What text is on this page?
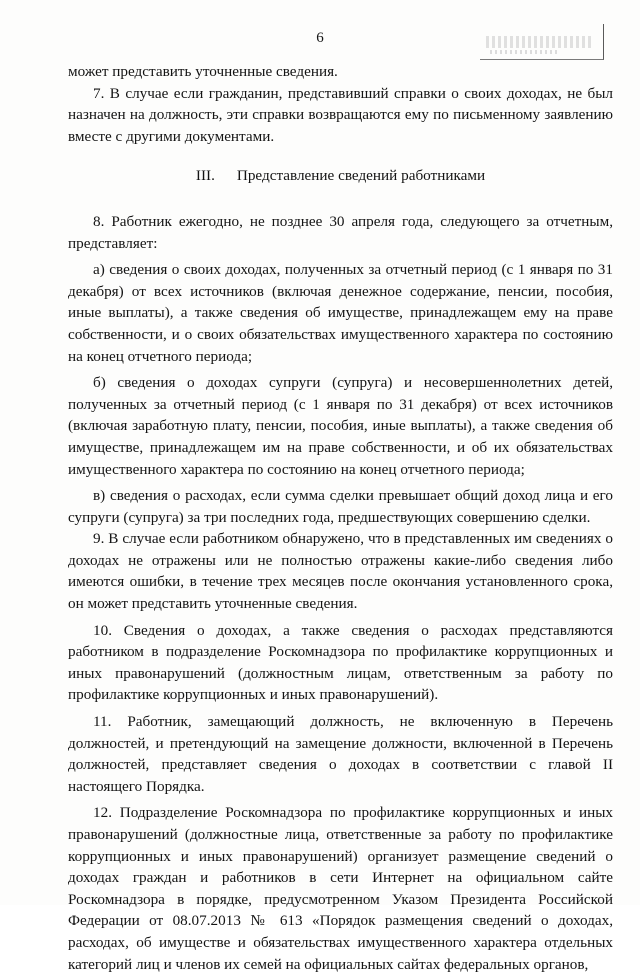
6

может представить уточненные сведения.

7. В случае если гражданин, представивший справки о своих доходах, не был назначен на должность, эти справки возвращаются ему по письменному заявлению вместе с другими документами.

III. Представление сведений работниками

8. Работник ежегодно, не позднее 30 апреля года, следующего за отчетным, представляет:

а) сведения о своих доходах, полученных за отчетный период (с 1 января по 31 декабря) от всех источников (включая денежное содержание, пенсии, пособия, иные выплаты), а также сведения об имуществе, принадлежащем ему на праве собственности, и о своих обязательствах имущественного характера по состоянию на конец отчетного периода;

б) сведения о доходах супруги (супруга) и несовершеннолетних детей, полученных за отчетный период (с 1 января по 31 декабря) от всех источников (включая заработную плату, пенсии, пособия, иные выплаты), а также сведения об имуществе, принадлежащем им на праве собственности, и об их обязательствах имущественного характера по состоянию на конец отчетного периода;

в) сведения о расходах, если сумма сделки превышает общий доход лица и его супруги (супруга) за три последних года, предшествующих совершению сделки.

9. В случае если работником обнаружено, что в представленных им сведениях о доходах не отражены или не полностью отражены какие-либо сведения либо имеются ошибки, в течение трех месяцев после окончания установленного срока, он может представить уточненные сведения.

10. Сведения о доходах, а также сведения о расходах представляются работником в подразделение Роскомнадзора по профилактике коррупционных и иных правонарушений (должностным лицам, ответственным за работу по профилактике коррупционных и иных правонарушений).

11. Работник, замещающий должность, не включенную в Перечень должностей, и претендующий на замещение должности, включенной в Перечень должностей, представляет сведения о доходах в соответствии с главой II настоящего Порядка.

12. Подразделение Роскомнадзора по профилактике коррупционных и иных правонарушений (должностные лица, ответственные за работу по профилактике коррупционных и иных правонарушений) организует размещение сведений о доходах граждан и работников в сети Интернет на официальном сайте Роскомнадзора в порядке, предусмотренном Указом Президента Российской Федерации от 08.07.2013 № 613 «Порядок размещения сведений о доходах, расходах, об имуществе и обязательствах имущественного характера отдельных категорий лиц и членов их семей на официальных сайтах федеральных органов,
